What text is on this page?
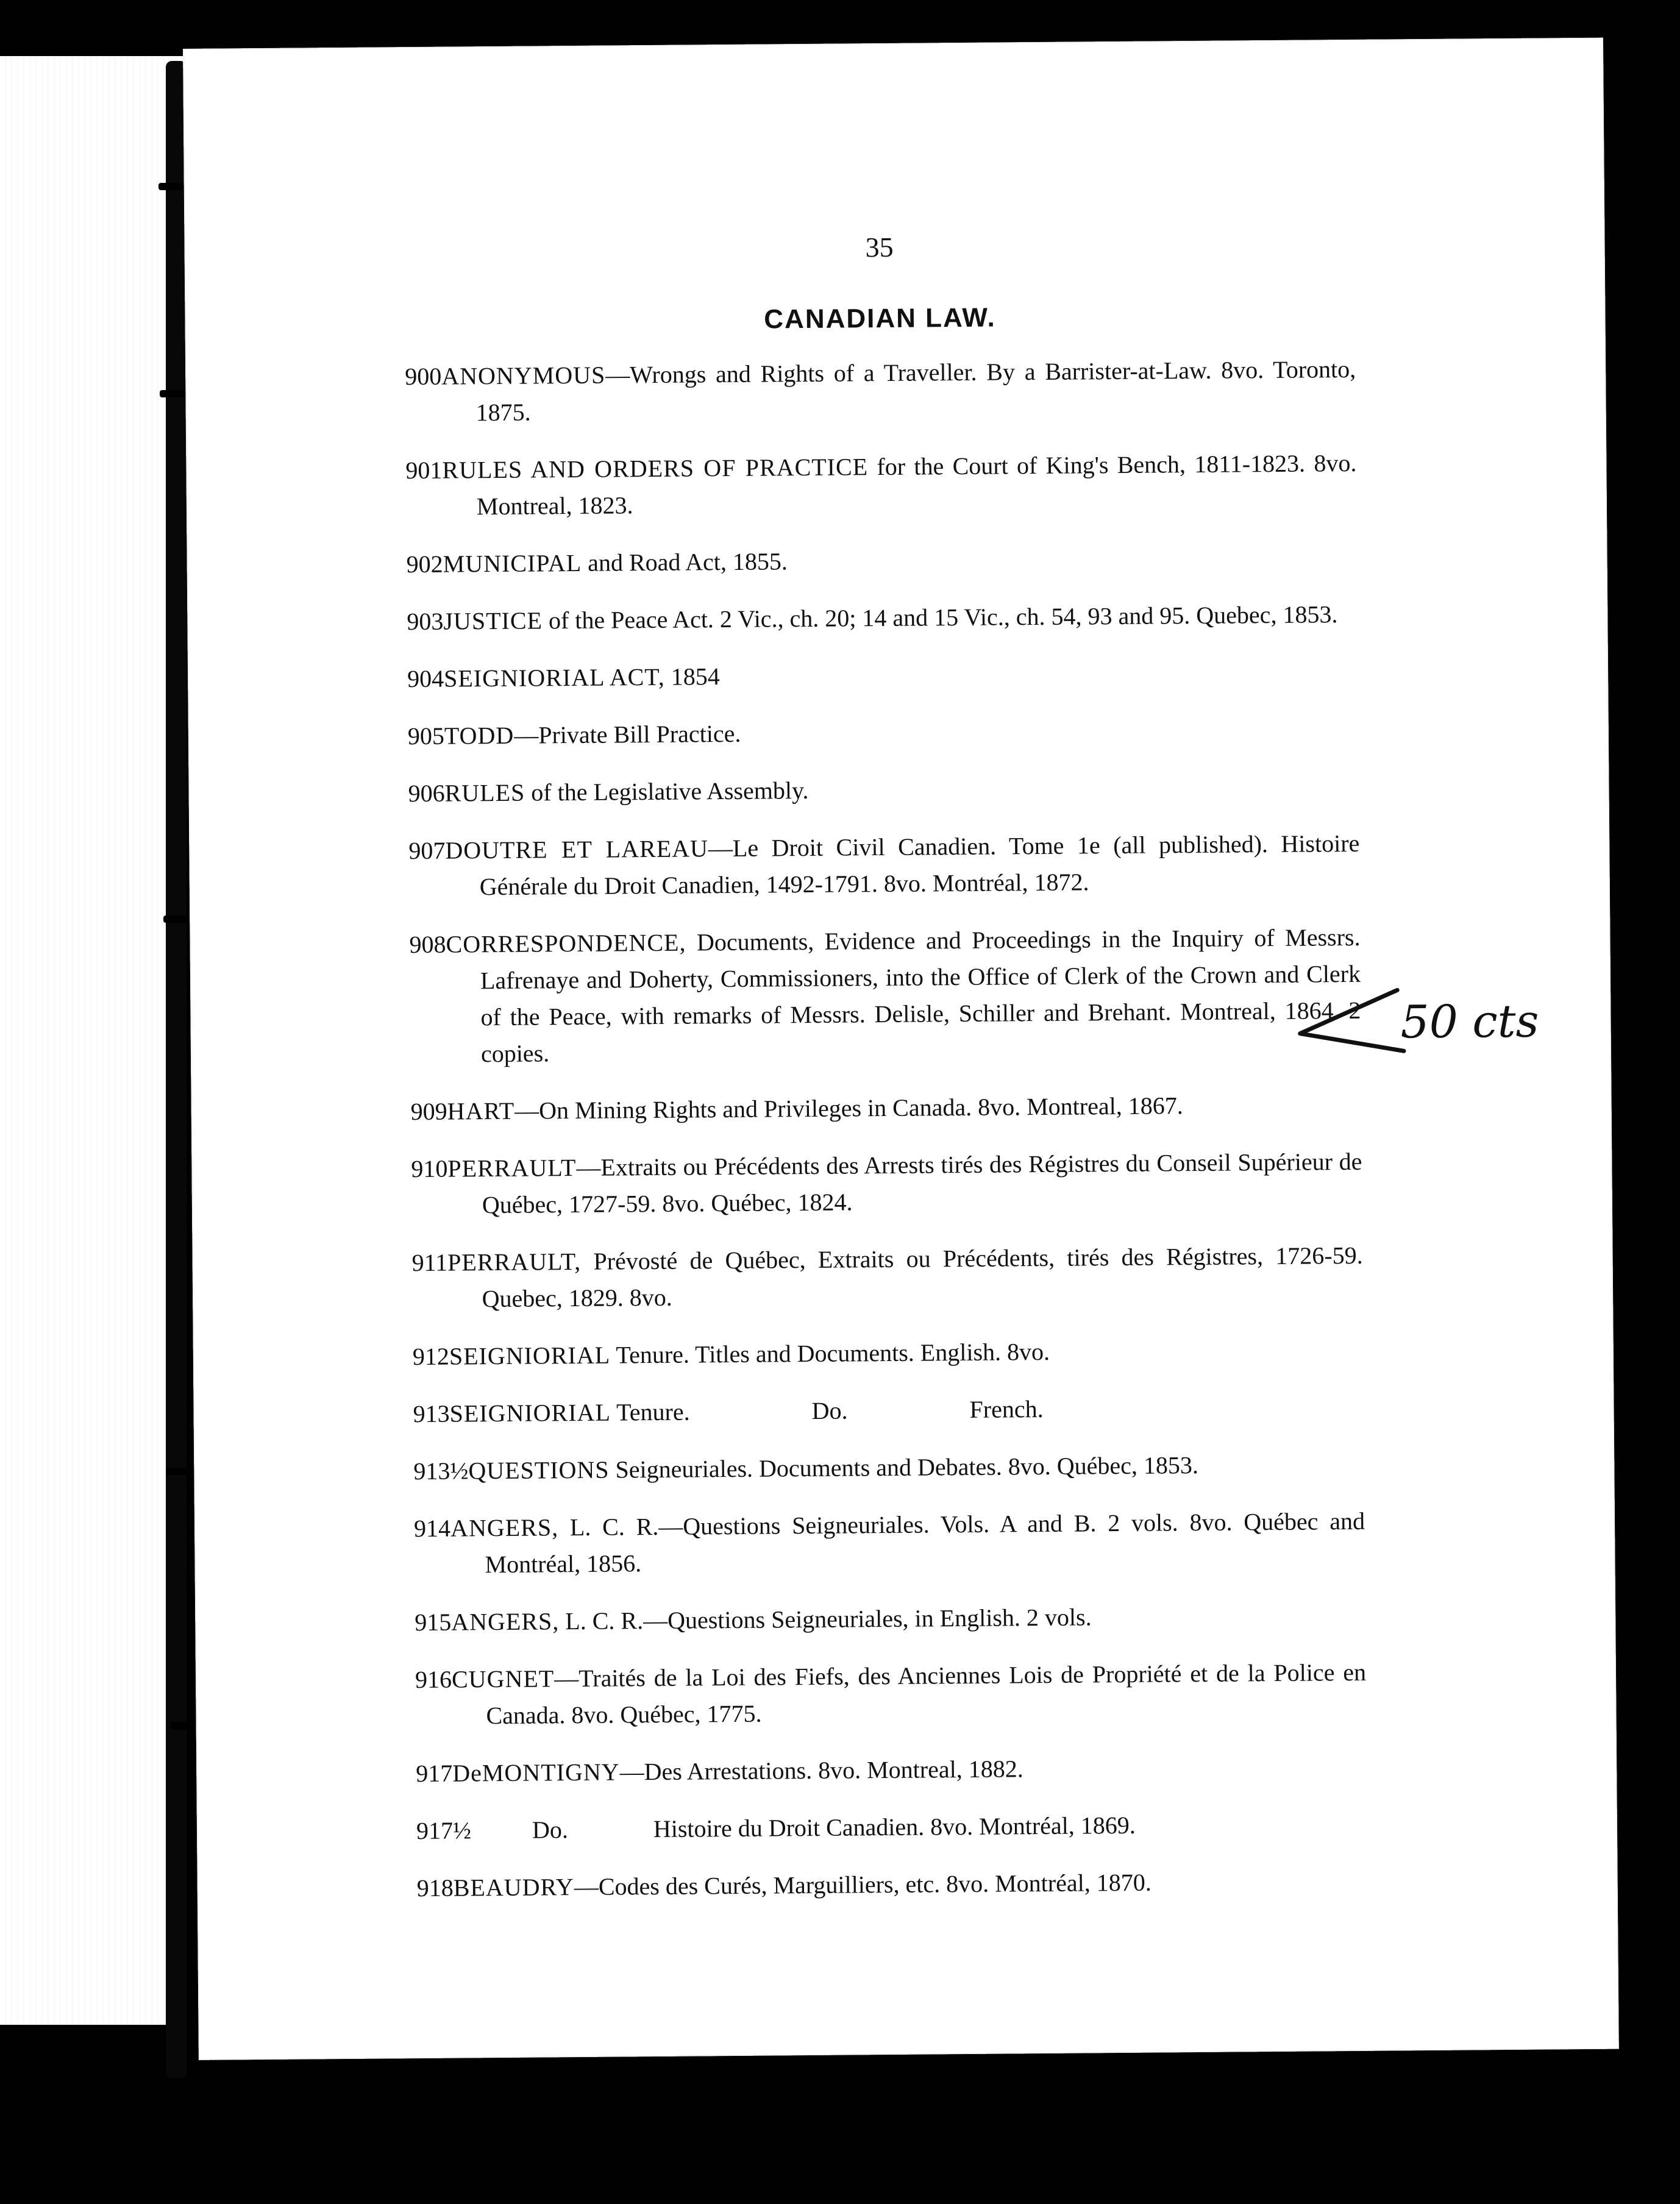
35
CANADIAN LAW.
900 ANONYMOUS—Wrongs and Rights of a Traveller. By a Barrister-at-Law. 8vo. Toronto, 1875.
901 RULES AND ORDERS OF PRACTICE for the Court of King's Bench, 1811-1823. 8vo. Montreal, 1823.
902 MUNICIPAL and Road Act, 1855.
903 JUSTICE of the Peace Act. 2 Vic., ch. 20; 14 and 15 Vic., ch. 54, 93 and 95. Quebec, 1853.
904 SEIGNIORIAL ACT, 1854
905 TODD—Private Bill Practice.
906 RULES of the Legislative Assembly.
907 DOUTRE ET LAREAU—Le Droit Civil Canadien. Tome 1e (all published). Histoire Générale du Droit Canadien, 1492-1791. 8vo. Montréal, 1872.
908 CORRESPONDENCE, Documents, Evidence and Proceedings in the Inquiry of Messrs. Lafrenaye and Doherty, Commissioners, into the Office of Clerk of the Crown and Clerk of the Peace, with remarks of Messrs. Delisle, Schiller and Brehant. Montreal, 1864. 2 copies.
909 HART—On Mining Rights and Privileges in Canada. 8vo. Montreal, 1867.
910 PERRAULT—Extraits ou Précédents des Arrests tirés des Régistres du Conseil Supérieur de Québec, 1727-59. 8vo. Québec, 1824.
911 PERRAULT, Prévosté de Québec, Extraits ou Précédents, tirés des Régistres, 1726-59. Quebec, 1829. 8vo.
912 SEIGNIORIAL Tenure. Titles and Documents. English. 8vo.
913 SEIGNIORIAL Tenure.                    Do.                    French.
913½ QUESTIONS Seigneuriales. Documents and Debates. 8vo. Québec, 1853.
914 ANGERS, L. C. R.—Questions Seigneuriales. Vols. A and B. 2 vols. 8vo. Québec and Montréal, 1856.
915 ANGERS, L. C. R.—Questions Seigneuriales, in English. 2 vols.
916 CUGNET—Traités de la Loi des Fiefs, des Anciennes Lois de Propriété et de la Police en Canada. 8vo. Québec, 1775.
917 DeMONTIGNY—Des Arrestations. 8vo. Montreal, 1882.
917½ Do.              Histoire du Droit Canadien. 8vo. Montréal, 1869.
918 BEAUDRY—Codes des Curés, Marguilliers, etc. 8vo. Montréal, 1870.
50 cts
